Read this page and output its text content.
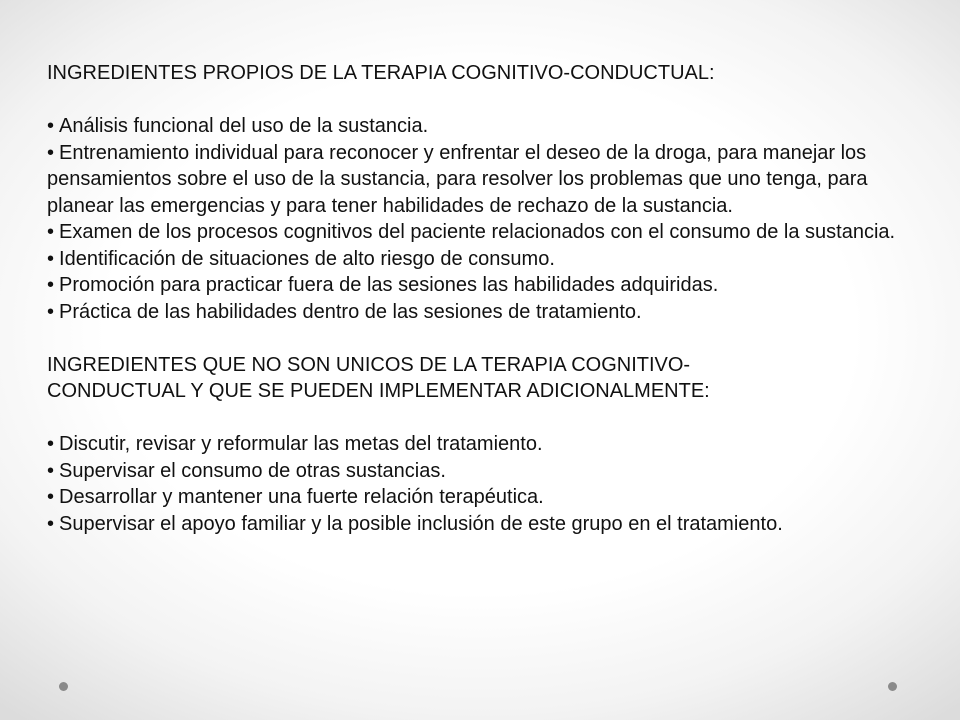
INGREDIENTES PROPIOS DE LA TERAPIA COGNITIVO-CONDUCTUAL:
• Análisis funcional del uso de la sustancia.
• Entrenamiento individual para reconocer y enfrentar el deseo de la droga, para manejar los pensamientos sobre el uso de la sustancia, para resolver los problemas que uno tenga, para planear las emergencias y para tener habilidades de rechazo de la sustancia.
• Examen de los procesos cognitivos del paciente relacionados con el consumo de la sustancia.
• Identificación de situaciones de alto riesgo de consumo.
• Promoción para practicar fuera de las sesiones las habilidades adquiridas.
• Práctica de las habilidades dentro de las sesiones de tratamiento.
INGREDIENTES QUE NO SON UNICOS DE LA TERAPIA COGNITIVO-
CONDUCTUAL Y QUE SE PUEDEN IMPLEMENTAR ADICIONALMENTE:
• Discutir, revisar y reformular las metas del tratamiento.
• Supervisar el consumo de otras sustancias.
• Desarrollar y mantener una fuerte relación terapéutica.
• Supervisar el apoyo familiar y la posible inclusión de este grupo en el tratamiento.
